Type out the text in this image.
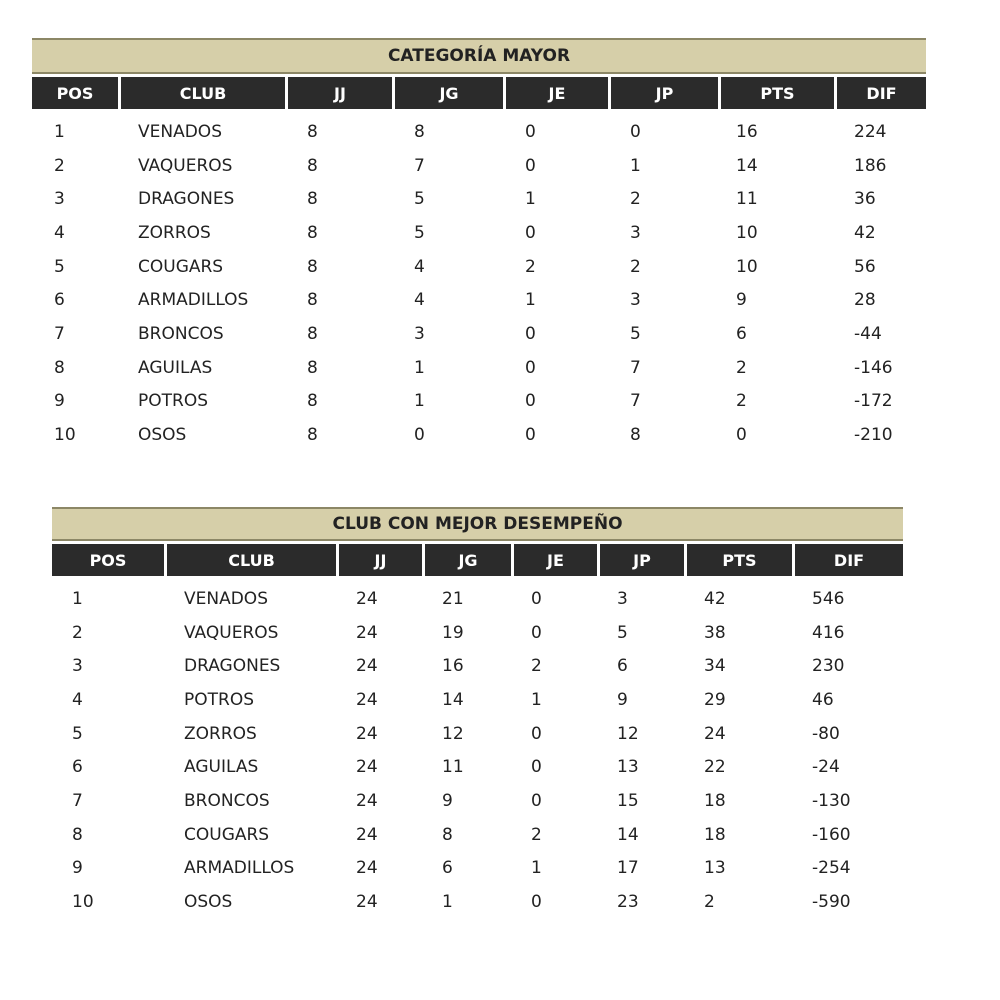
CATEGORÍA MAYOR							

POS	CLUB	JJ	JG	JE	JP	PTS	DIF
1	VENADOS	8	8	0	0	16	224
2	VAQUEROS	8	7	0	1	14	186
3	DRAGONES	8	5	1	2	11	36
4	ZORROS	8	5	0	3	10	42
5	COUGARS	8	4	2	2	10	56
6	ARMADILLOS	8	4	1	3	9	28
7	BRONCOS	8	3	0	5	6	-44
8	AGUILAS	8	1	0	7	2	-146
9	POTROS	8	1	0	7	2	-172
10	OSOS	8	0	0	8	0	-210
CLUB CON MEJOR DESEMPEÑO							

POS	CLUB	JJ	JG	JE	JP	PTS	DIF
1	VENADOS	24	21	0	3	42	546
2	VAQUEROS	24	19	0	5	38	416
3	DRAGONES	24	16	2	6	34	230
4	POTROS	24	14	1	9	29	46
5	ZORROS	24	12	0	12	24	-80
6	AGUILAS	24	11	0	13	22	-24
7	BRONCOS	24	9	0	15	18	-130
8	COUGARS	24	8	2	14	18	-160
9	ARMADILLOS	24	6	1	17	13	-254
10	OSOS	24	1	0	23	2	-590
